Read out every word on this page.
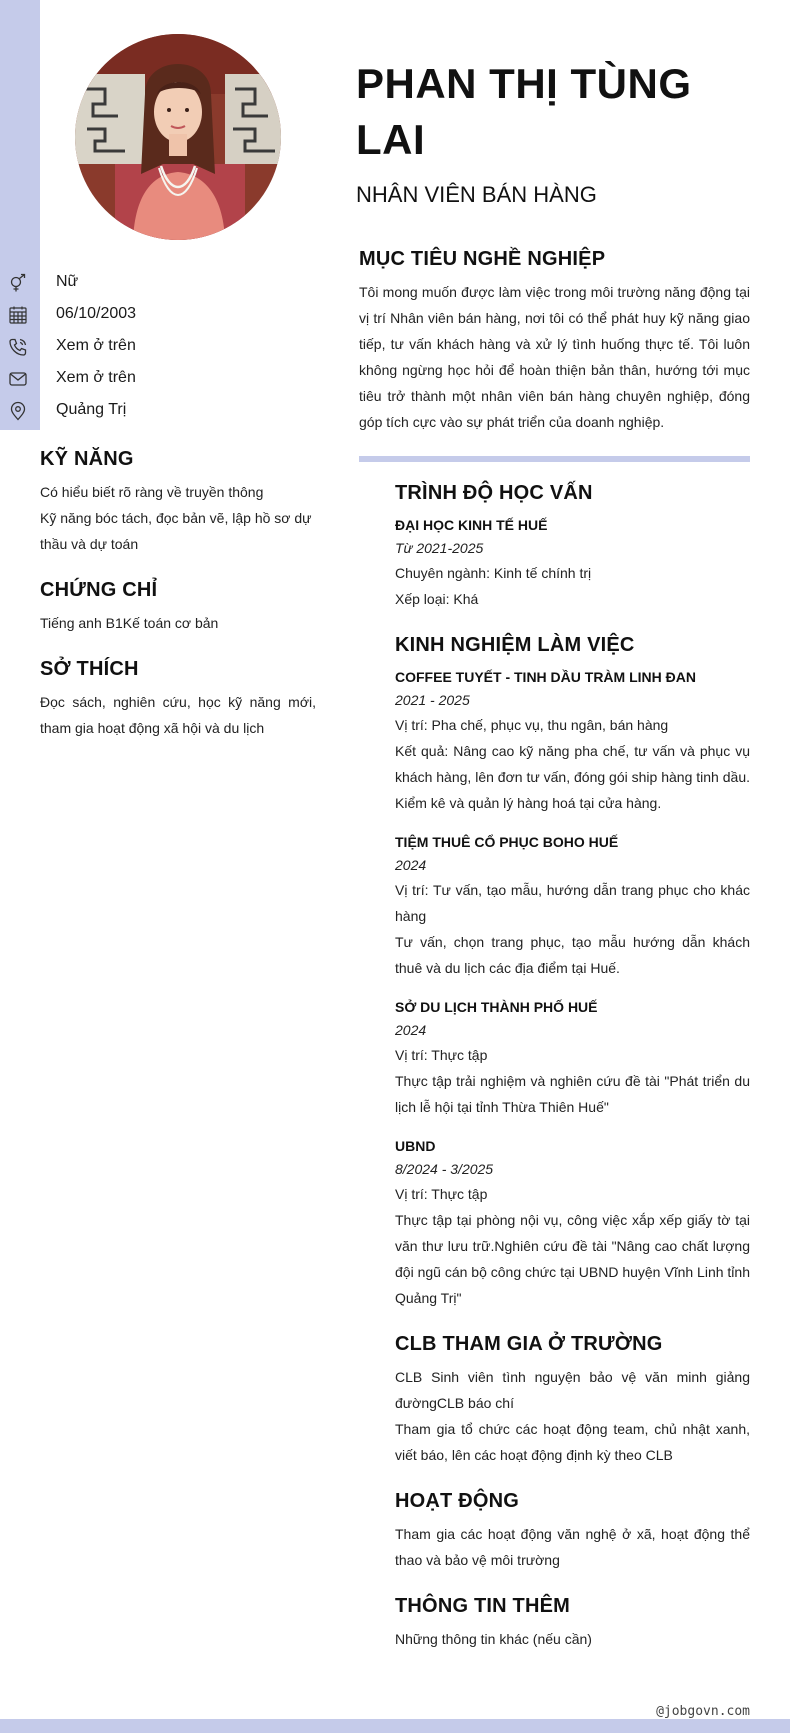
Nữ
06/10/2003
Xem ở trên
Xem ở trên
Quảng Trị
KỸ NĂNG

Có hiểu biết rõ ràng về truyền thông

Kỹ năng bóc tách, đọc bản vẽ, lập hồ sơ dự thầu và dự toán

CHỨNG CHỈ

Tiếng anh B1Kế toán cơ bản

SỞ THÍCH

Đọc sách, nghiên cứu, học kỹ năng mới, tham gia hoạt động xã hội và du lịch

PHAN THỊ TÙNG LAI
NHÂN VIÊN BÁN HÀNG
MỤC TIÊU NGHỀ NGHIỆP

Tôi mong muốn được làm việc trong môi trường năng động tại vị trí Nhân viên bán hàng, nơi tôi có thể phát huy kỹ năng giao tiếp, tư vấn khách hàng và xử lý tình huống thực tế. Tôi luôn không ngừng học hỏi để hoàn thiện bản thân, hướng tới mục tiêu trở thành một nhân viên bán hàng chuyên nghiệp, đóng góp tích cực vào sự phát triển của doanh nghiệp.

TRÌNH ĐỘ HỌC VẤN

ĐẠI HỌC KINH TẾ HUẾ

Từ 2021-2025

Chuyên ngành: Kinh tế chính trị

Xếp loại: Khá

KINH NGHIỆM LÀM VIỆC

COFFEE TUYẾT - TINH DẦU TRÀM LINH ĐAN

2021 - 2025

Vị trí: Pha chế, phục vụ, thu ngân, bán hàng

Kết quả: Nâng cao kỹ năng pha chế, tư vấn và phục vụ khách hàng, lên đơn tư vấn, đóng gói ship hàng tinh dầu. Kiểm kê và quản lý hàng hoá tại cửa hàng.

TIỆM THUÊ CỔ PHỤC BOHO HUẾ

2024

Vị trí: Tư vấn, tạo mẫu, hướng dẫn trang phục cho khác hàng

Tư vấn, chọn trang phục, tạo mẫu hướng dẫn khách thuê và du lịch các địa điểm tại Huế.

SỞ DU LỊCH THÀNH PHỐ HUẾ

2024

Vị trí: Thực tập

Thực tập trải nghiệm và nghiên cứu đề tài "Phát triển du lịch lễ hội tại tỉnh Thừa Thiên Huế"

UBND

8/2024 - 3/2025

Vị trí: Thực tập

Thực tập tại phòng nội vụ, công việc xắp xếp giấy tờ tại văn thư lưu trữ.Nghiên cứu đề tài "Nâng cao chất lượng đội ngũ cán bộ công chức tại UBND huyện Vĩnh Linh tỉnh Quảng Trị"

CLB THAM GIA Ở TRƯỜNG

CLB Sinh viên tình nguyện bảo vệ văn minh giảng đườngCLB báo chí

Tham gia tổ chức các hoạt động team, chủ nhật xanh, viết báo, lên các hoạt động định kỳ theo CLB

HOẠT ĐỘNG

Tham gia các hoạt động văn nghệ ở xã, hoạt động thể thao và bảo vệ môi trường

THÔNG TIN THÊM

Những thông tin khác (nếu cần)

@jobgovn.com
